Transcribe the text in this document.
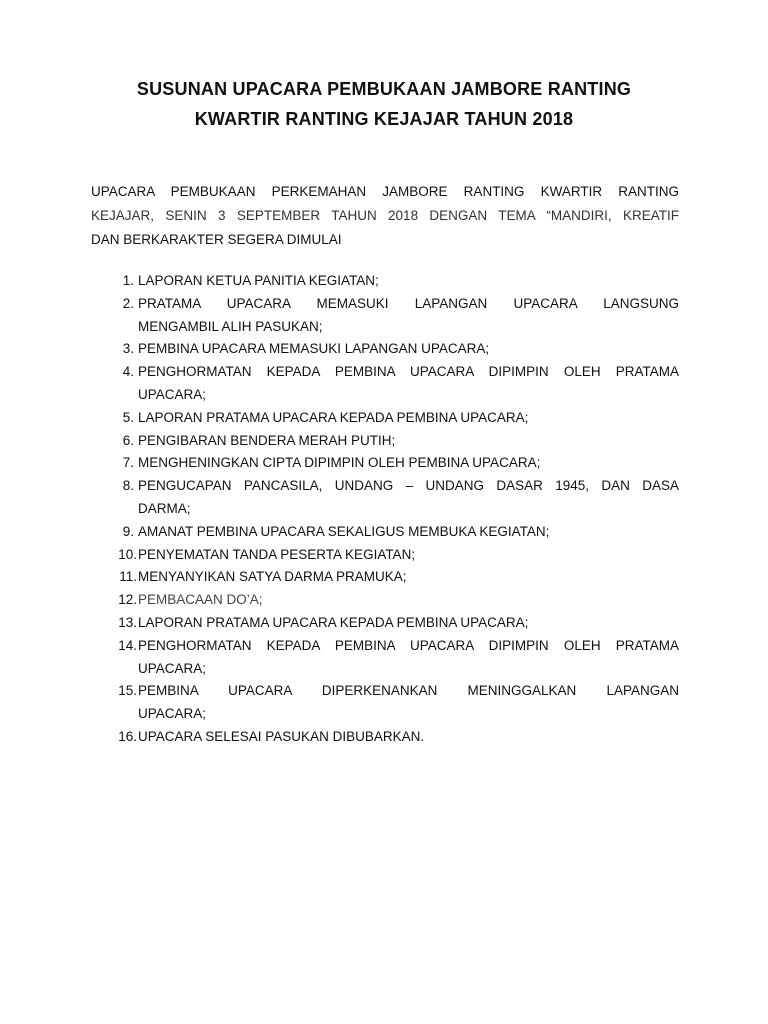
SUSUNAN UPACARA PEMBUKAAN JAMBORE RANTING
KWARTIR RANTING KEJAJAR TAHUN 2018
UPACARA PEMBUKAAN PERKEMAHAN JAMBORE RANTING KWARTIR RANTING
KEJAJAR, SENIN 3 SEPTEMBER TAHUN 2018 DENGAN TEMA “MANDIRI, KREATIF
DAN BERKARAKTER SEGERA DIMULAI
1. LAPORAN KETUA PANITIA KEGIATAN;
2. PRATAMA UPACARA MEMASUKI LAPANGAN UPACARA LANGSUNG
MENGAMBIL ALIH PASUKAN;
3. PEMBINA UPACARA MEMASUKI LAPANGAN UPACARA;
4. PENGHORMATAN KEPADA PEMBINA UPACARA DIPIMPIN OLEH PRATAMA
UPACARA;
5. LAPORAN PRATAMA UPACARA KEPADA PEMBINA UPACARA;
6. PENGIBARAN BENDERA MERAH PUTIH;
7. MENGHENINGKAN CIPTA DIPIMPIN OLEH PEMBINA UPACARA;
8. PENGUCAPAN PANCASILA, UNDANG – UNDANG DASAR 1945, DAN DASA
DARMA;
9. AMANAT PEMBINA UPACARA SEKALIGUS MEMBUKA KEGIATAN;
10. PENYEMATAN TANDA PESERTA KEGIATAN;
11. MENYANYIKAN SATYA DARMA PRAMUKA;
12. PEMBACAAN DO’A;
13. LAPORAN PRATAMA UPACARA KEPADA PEMBINA UPACARA;
14. PENGHORMATAN KEPADA PEMBINA UPACARA DIPIMPIN OLEH PRATAMA
UPACARA;
15. PEMBINA UPACARA DIPERKENANKAN MENINGGALKAN LAPANGAN
UPACARA;
16. UPACARA SELESAI PASUKAN DIBUBARKAN.
